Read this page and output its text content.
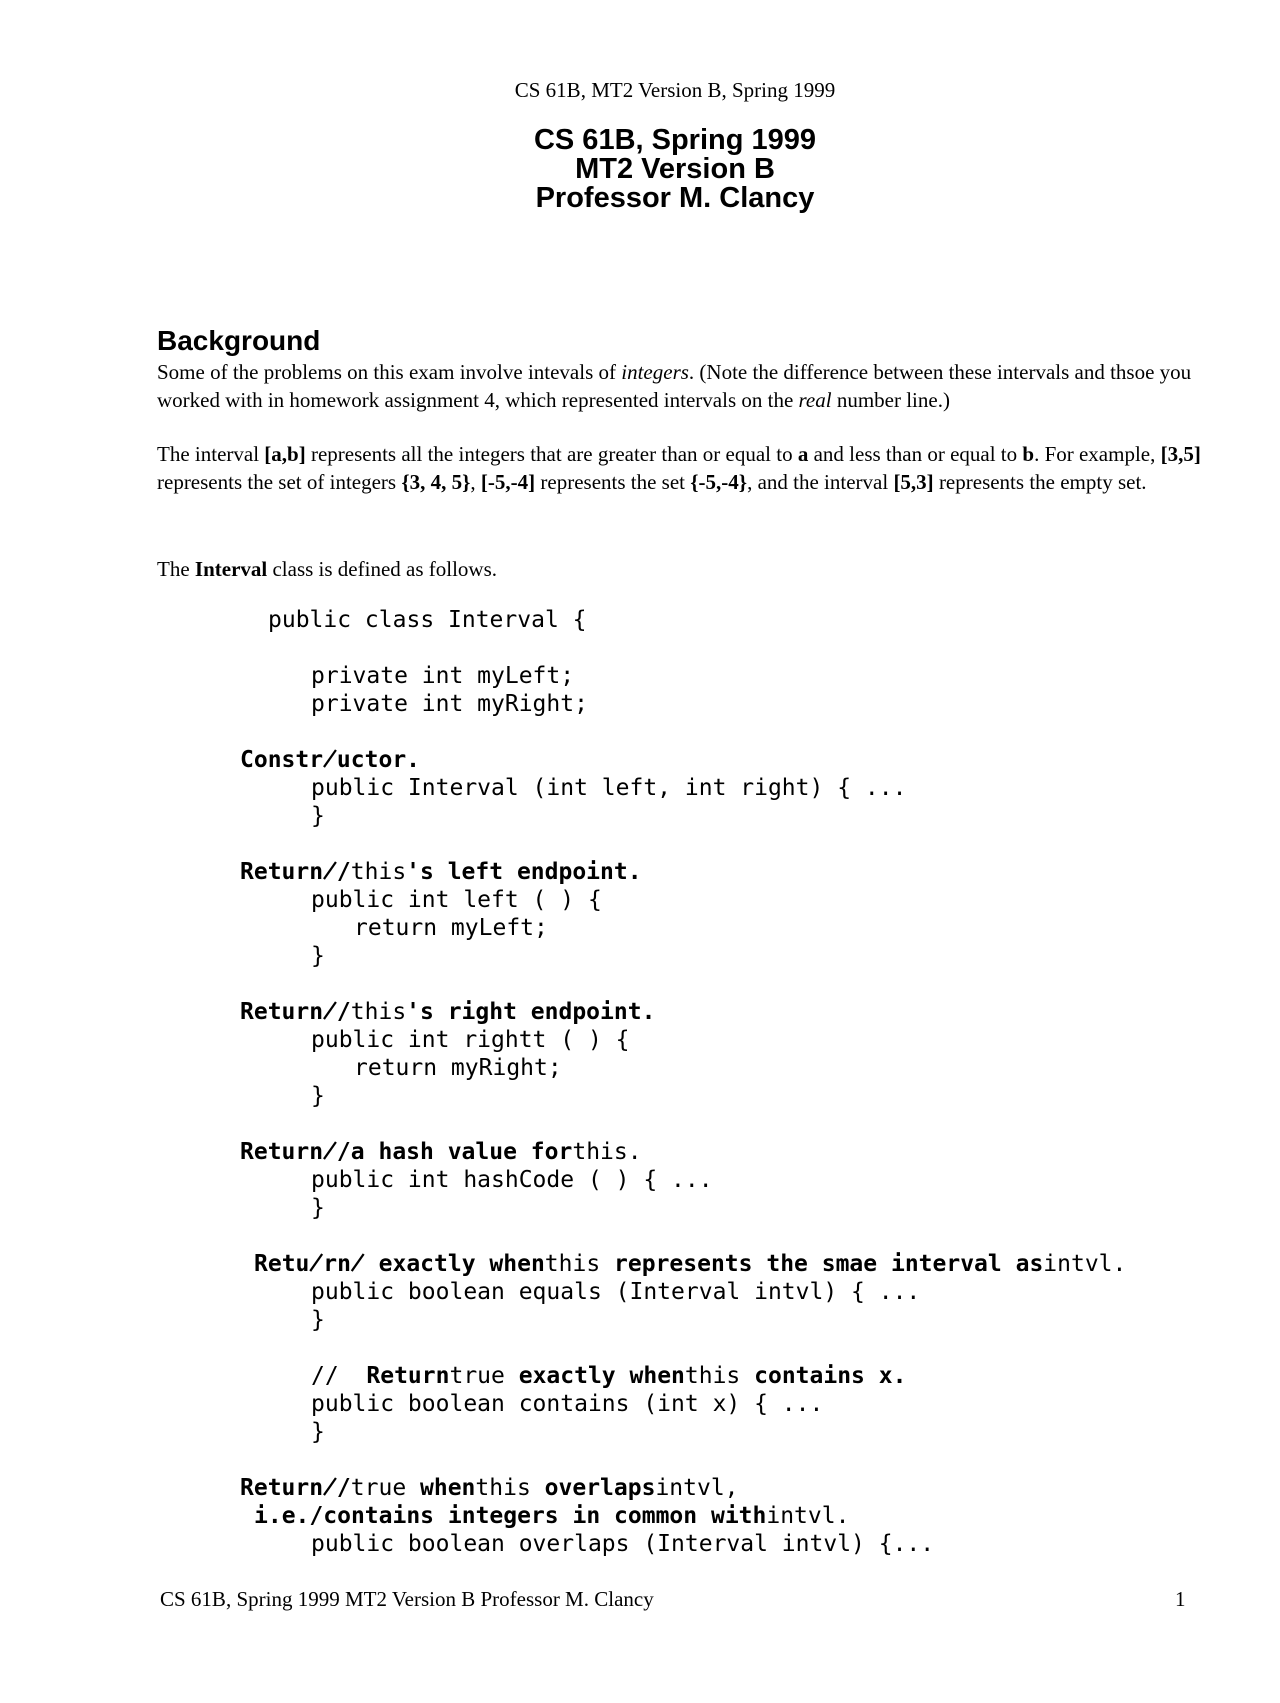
CS 61B, MT2 Version B, Spring 1999
CS 61B, Spring 1999
MT2 Version B
Professor M. Clancy
Background
Some of the problems on this exam involve intevals of integers. (Note the difference between these intervals and thsoe you worked with in homework assignment 4, which represented intervals on the real number line.)
The interval [a,b] represents all the integers that are greater than or equal to a and less than or equal to b. For example, [3,5] represents the set of integers {3, 4, 5}, [-5,-4] represents the set {-5,-4}, and the interval [5,3] represents the empty set.
The Interval class is defined as follows.

public class Interval {

private int myLeft;

private int myRight;

Constr̸uctor.

public Interval (int left, int right) { ...

}

Return̸/this's left endpoint.

public int left ( ) {

return myLeft;

}

Return̸/this's right endpoint.

public int rightt ( ) {

return myRight;

}

Return̸/a hash value forthis.

public int hashCode ( ) { ...

}

Retu̸rn̸ exactly whenthis represents the smae interval asintvl.

public boolean equals (Interval intvl) { ...

}

//  Returntrue exactly whenthis contains x.

public boolean contains (int x) { ...

}

Return̸/true whenthis overlapsintvl,

i.e./contains integers in common withintvl.

public boolean overlaps (Interval intvl) {...

CS 61B, Spring 1999 MT2 Version B Professor M. Clancy	1
